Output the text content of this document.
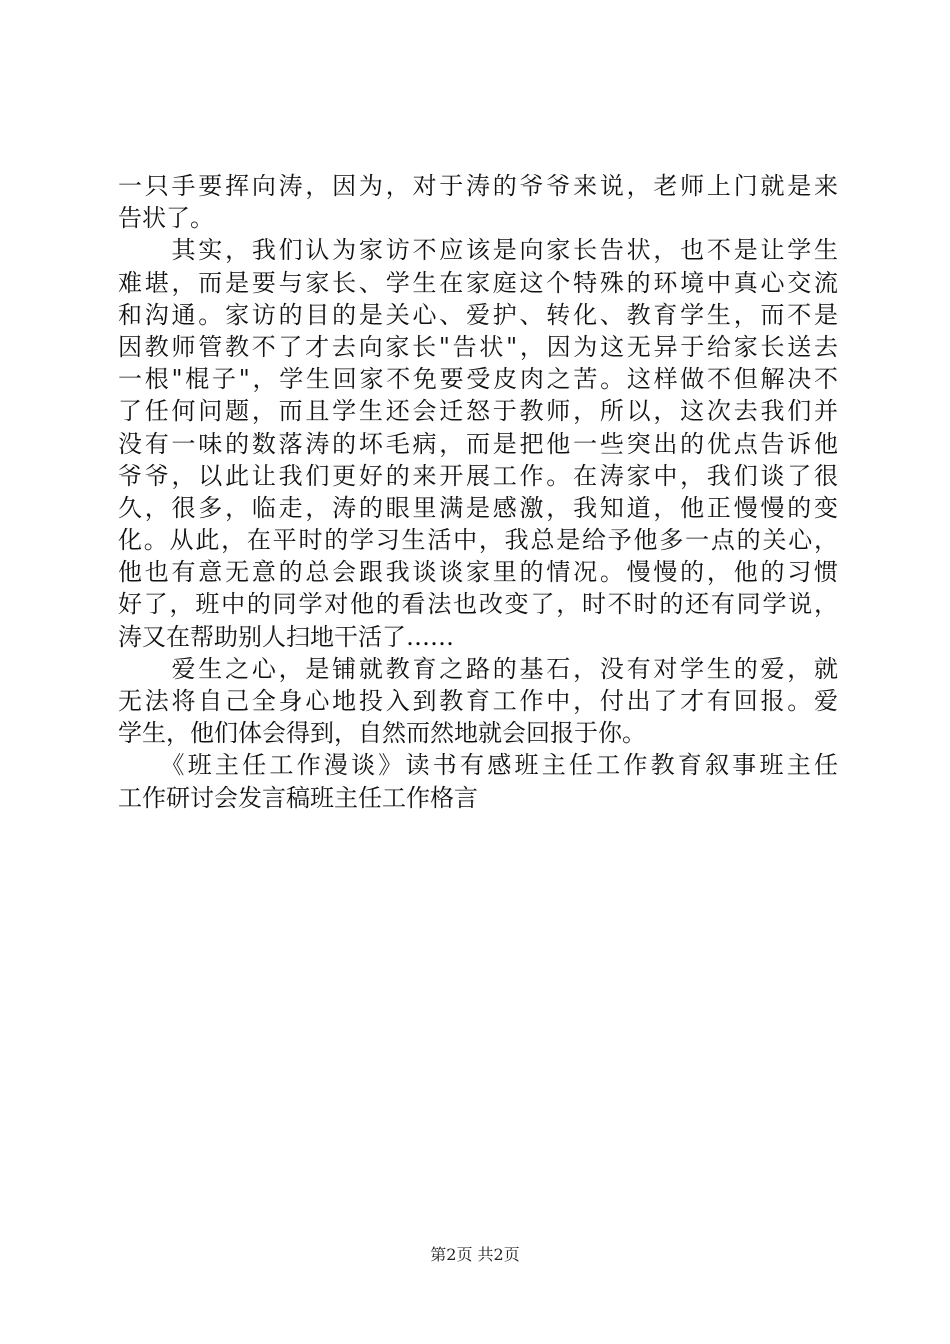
一只手要挥向涛，因为，对于涛的爷爷来说，老师上门就是来
告状了。
　　其实，我们认为家访不应该是向家长告状，也不是让学生
难堪，而是要与家长、学生在家庭这个特殊的环境中真心交流
和沟通。家访的目的是关心、爱护、转化、教育学生，而不是
因教师管教不了才去向家长"告状"，因为这无异于给家长送去
一根"棍子"，学生回家不免要受皮肉之苦。这样做不但解决不
了任何问题，而且学生还会迁怒于教师，所以，这次去我们并
没有一味的数落涛的坏毛病，而是把他一些突出的优点告诉他
爷爷，以此让我们更好的来开展工作。在涛家中，我们谈了很
久，很多，临走，涛的眼里满是感激，我知道，他正慢慢的变
化。从此，在平时的学习生活中，我总是给予他多一点的关心，
他也有意无意的总会跟我谈谈家里的情况。慢慢的，他的习惯
好了，班中的同学对他的看法也改变了，时不时的还有同学说，
涛又在帮助别人扫地干活了……
　　爱生之心，是铺就教育之路的基石，没有对学生的爱，就
无法将自己全身心地投入到教育工作中，付出了才有回报。爱
学生，他们体会得到，自然而然地就会回报于你。
　　《班主任工作漫谈》读书有感班主任工作教育叙事班主任
工作研讨会发言稿班主任工作格言
第2页 共2页
